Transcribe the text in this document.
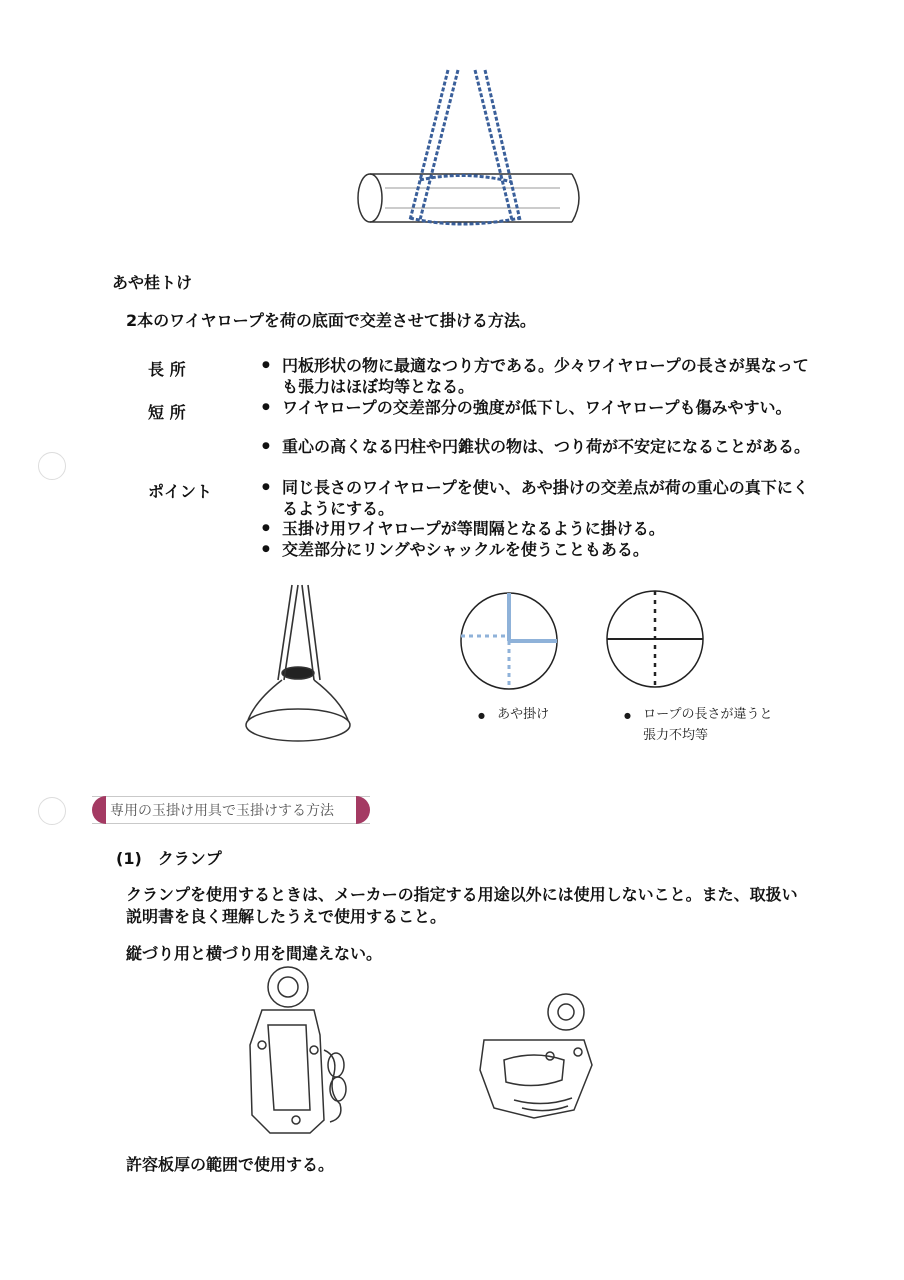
あや桂トけ
2本のワイヤロープを荷の底面で交差させて掛ける方法。
長 所
短 所
ポイント
● 円板形状の物に最適なつり方である。少々ワイヤロープの長さが異なっても張力はほぼ均等となる。
● ワイヤロープの交差部分の強度が低下し、ワイヤロープも傷みやすい。
● 重心の高くなる円柱や円錐状の物は、つり荷が不安定になることがある。
● 同じ長さのワイヤロープを使い、あや掛けの交差点が荷の重心の真下にくるようにする。
● 玉掛け用ワイヤロープが等間隔となるように掛ける。
● 交差部分にリングやシャックルを使うこともある。
● あや掛け	● ロープの長さが違うと
張力不均等
専用の玉掛け用具で玉掛けする方法
(1)　クランプ
クランプを使用するときは、メーカーの指定する用途以外には使用しないこと。また、取扱い説明書を良く理解したうえで使用すること。
縦づり用と横づり用を間違えない。
許容板厚の範囲で使用する。
